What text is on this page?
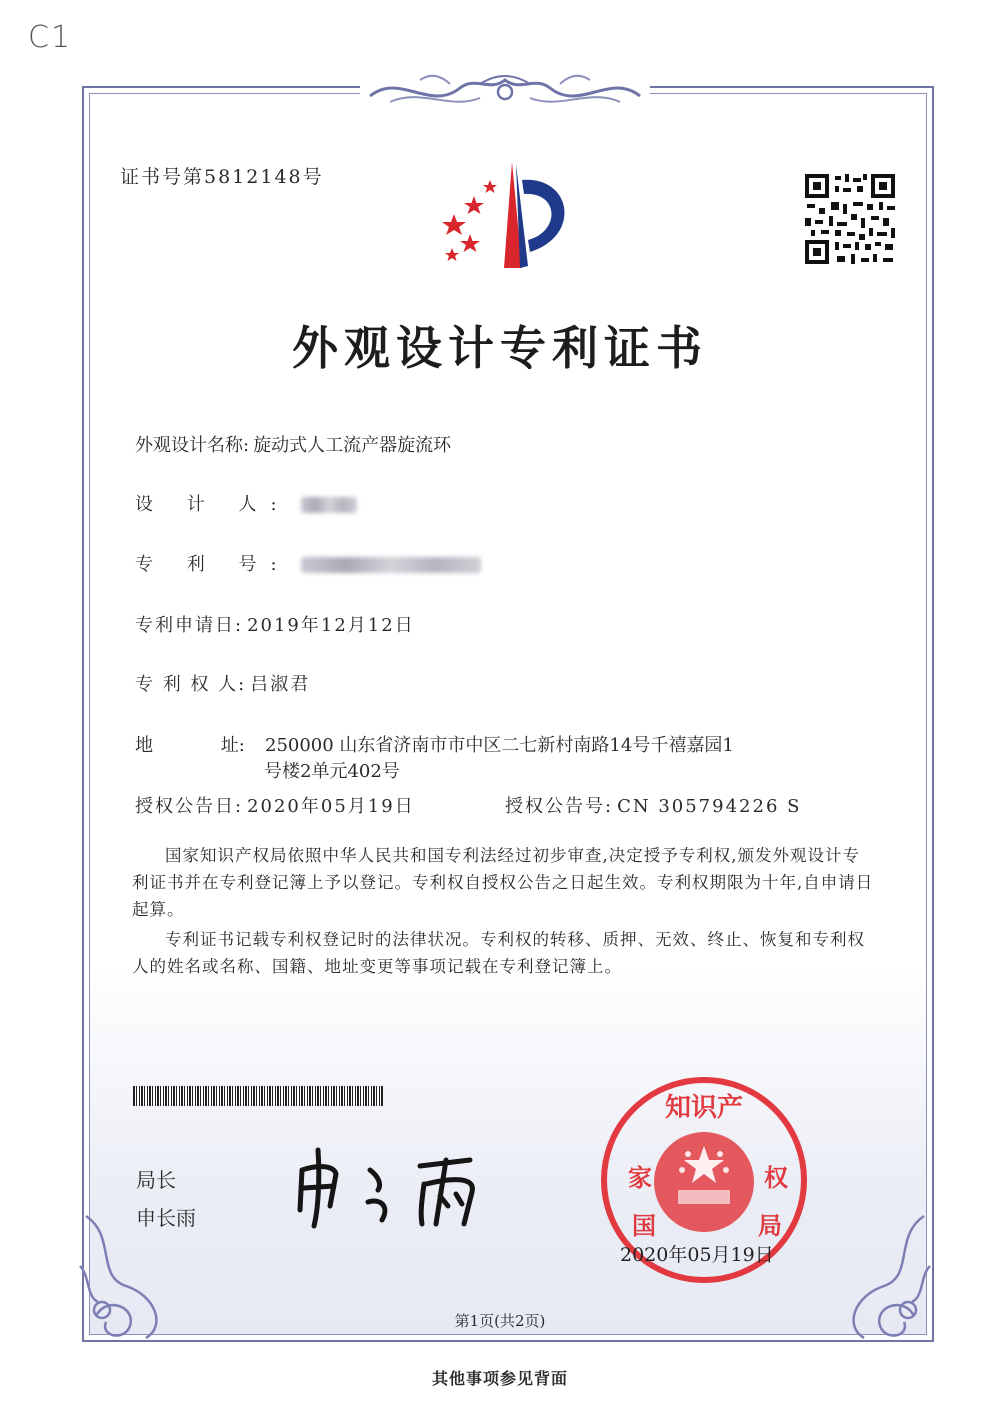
C1
证书号第5812148号
外观设计专利证书
外观设计名称: 旋动式人工流产器旋流环
设 计 人:
专 利 号:
专利申请日: 2019年12月12日
专 利 权 人: 吕淑君
地 址: 250000 山东省济南市市中区二七新村南路14号千禧嘉园1
号楼2单元402号
授权公告日: 2020年05月19日	授权公告号: CN 305794226 S
国家知识产权局依照中华人民共和国专利法经过初步审查,决定授予专利权,颁发外观设计专利证书并在专利登记簿上予以登记。专利权自授权公告之日起生效。专利权期限为十年,自申请日起算。
专利证书记载专利权登记时的法律状况。专利权的转移、质押、无效、终止、恢复和专利权人的姓名或名称、国籍、地址变更等事项记载在专利登记簿上。
局长
申长雨
知识产
家	权
国	局
2020年05月19日
第1页(共2页)
其他事项参见背面
